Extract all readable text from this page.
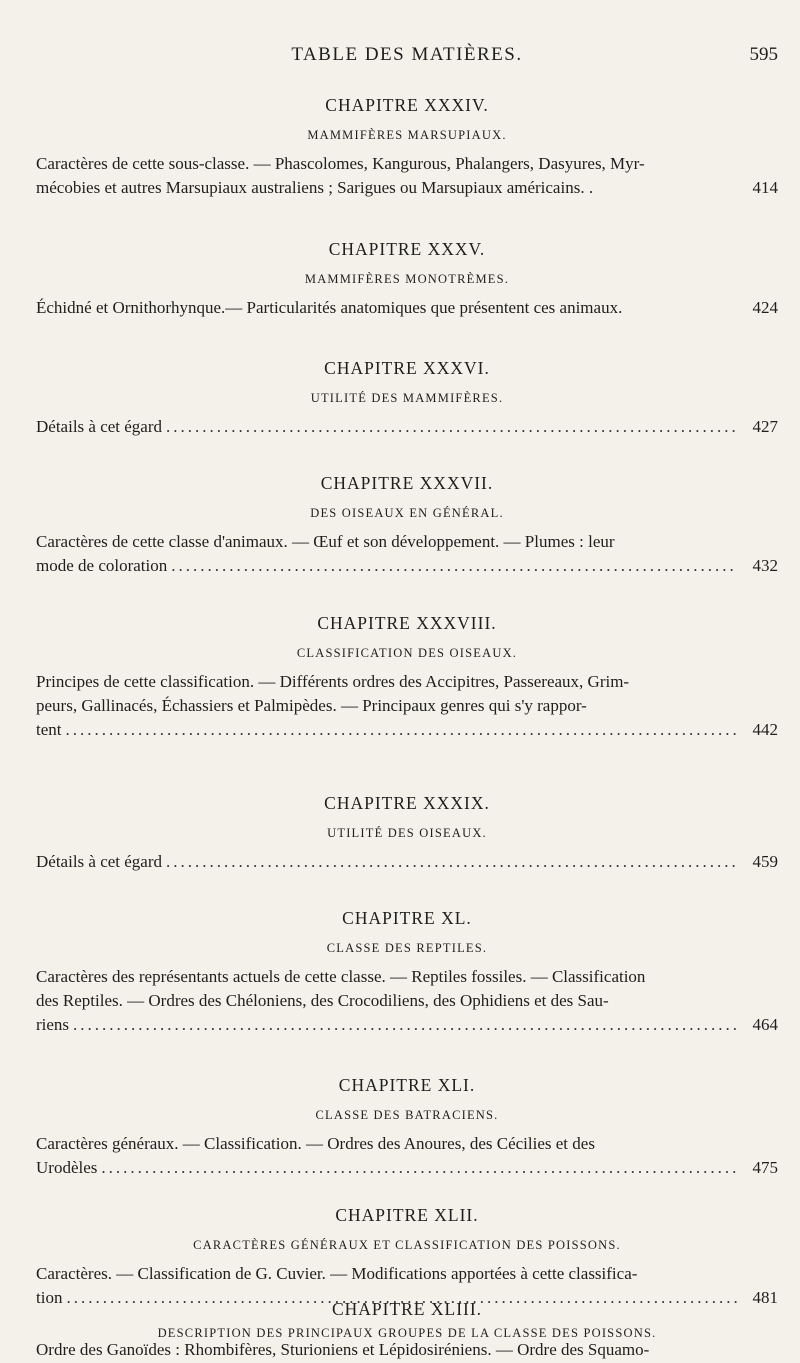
TABLE DES MATIÈRES.	595
CHAPITRE XXXIV.
MAMMIFÈRES MARSUPIAUX.
Caractères de cette sous-classe. — Phascolomes, Kangurous, Phalangers, Dasyures, Myr-
mécobies et autres Marsupiaux australiens ; Sarigues ou Marsupiaux américains. .	414
CHAPITRE XXXV.
MAMMIFÈRES MONOTRÈMES.
Échidné et Ornithorhynque.— Particularités anatomiques que présentent ces animaux.	424
CHAPITRE XXXVI.
UTILITÉ DES MAMMIFÈRES.
Détails à cet égard .....	427
CHAPITRE XXXVII.
DES OISEAUX EN GÉNÉRAL.
Caractères de cette classe d'animaux. — Œuf et son développement. — Plumes : leur
mode de coloration .....	432
CHAPITRE XXXVIII.
CLASSIFICATION DES OISEAUX.
Principes de cette classification. — Différents ordres des Accipitres, Passereaux, Grim-
peurs, Gallinacés, Échassiers et Palmipèdes. — Principaux genres qui s'y rappor-
tent .....	442
CHAPITRE XXXIX.
UTILITÉ DES OISEAUX.
Détails à cet égard .....	459
CHAPITRE XL.
CLASSE DES REPTILES.
Caractères des représentants actuels de cette classe. — Reptiles fossiles. — Classification
des Reptiles. — Ordres des Chéloniens, des Crocodiliens, des Ophidiens et des Sau-
riens .....	464
CHAPITRE XLI.
CLASSE DES BATRACIENS.
Caractères généraux. — Classification. — Ordres des Anoures, des Cécilies et des
Urodèles .....	475
CHAPITRE XLII.
CARACTÈRES GÉNÉRAUX ET CLASSIFICATION DES POISSONS.
Caractères. — Classification de G. Cuvier. — Modifications apportées à cette classifica-
tion .....	481
CHAPITRE XLIII.
DESCRIPTION DES PRINCIPAUX GROUPES DE LA CLASSE DES POISSONS.
Ordre des Ganoïdes : Rhombifères, Sturioniens et Lépidosiréniens. — Ordre des Squamo-
